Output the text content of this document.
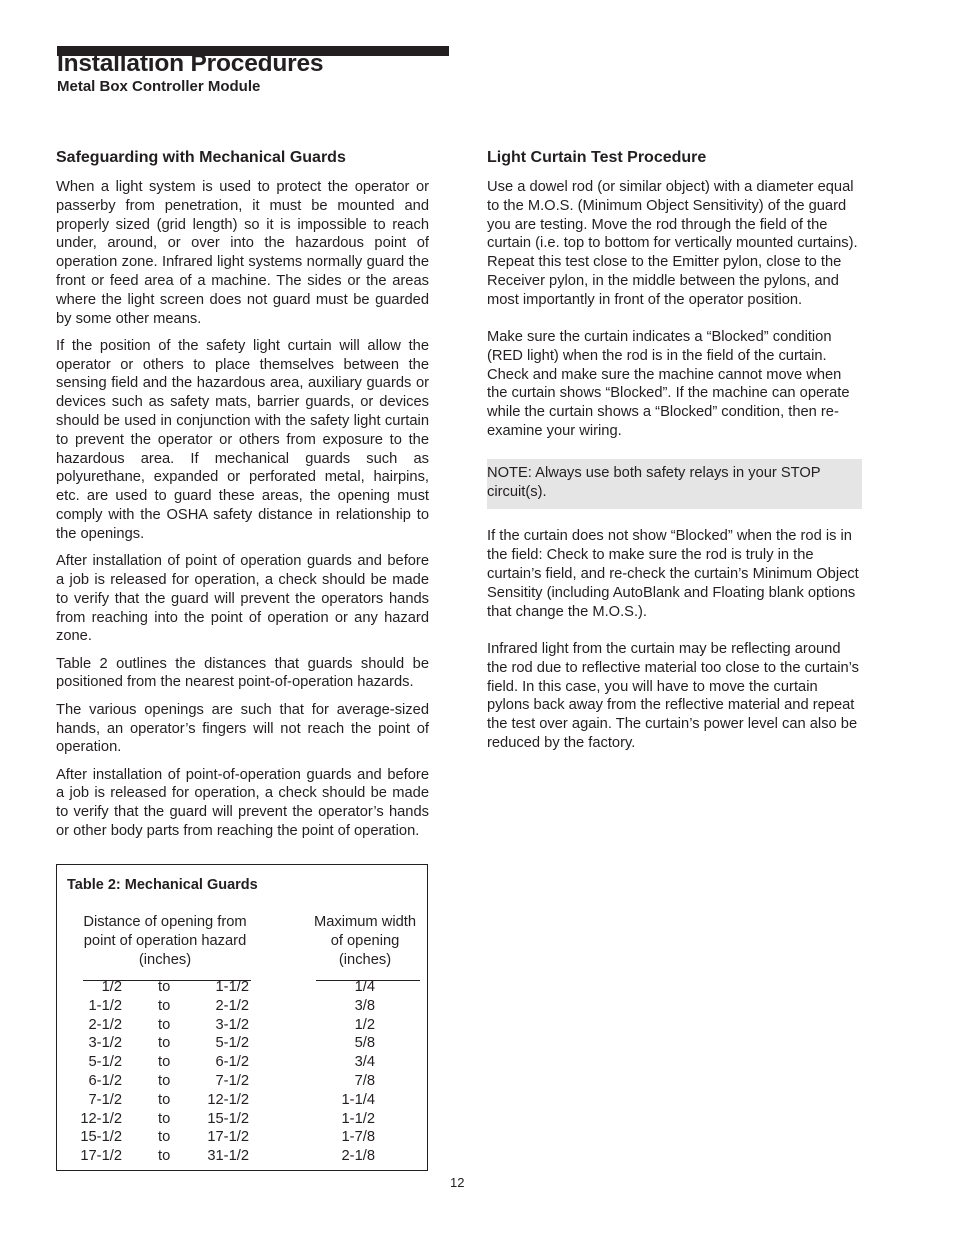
Installation Procedures
Metal Box Controller Module
Safeguarding with Mechanical Guards

When a light system is used to protect the operator or passerby from penetration, it must be mounted and properly sized (grid length) so it is impossible to reach under, around, or over into the hazardous point of operation zone. Infrared light systems normally guard the front or feed area of a machine. The sides or the areas where the light screen does not guard must be guarded by some other means.

If the position of the safety light curtain will allow the operator or others to place themselves between the sensing field and the hazardous area, auxiliary guards or devices such as safety mats, barrier guards, or devices should be used in conjunction with the safety light curtain to prevent the operator or others from exposure to the hazardous area. If mechanical guards such as polyurethane, expanded or perforated metal, hairpins, etc. are used to guard these areas, the opening must comply with the OSHA safety distance in relationship to the openings.

After installation of point of operation guards and before a job is released for operation, a check should be made to verify that the guard will prevent the operators hands from reaching into the point of operation or any hazard zone.

Table 2 outlines the distances that guards should be positioned from the nearest point-of-operation hazards.

The various openings are such that for average-sized hands, an operator’s fingers will not reach the point of operation.

After installation of point-of-operation guards and before a job is released for operation, a check should be made to verify that the guard will prevent the operator’s hands or other body parts from reaching the point of operation.

Light Curtain Test Procedure

Use a dowel rod (or similar object) with a diameter equal to the M.O.S. (Minimum Object Sensitivity) of the guard you are testing. Move the rod through the field of the curtain (i.e. top to bottom for vertically mounted curtains). Repeat this test close to the Emitter pylon, close to the Receiver pylon, in the middle between the pylons, and most importantly in front of the operator position.

Make sure the curtain indicates a “Blocked” condition (RED light) when the rod is in the field of the curtain. Check and make sure the machine cannot move when the curtain shows “Blocked”. If the machine can operate while the curtain shows a “Blocked” condition, then re-examine your wiring.

NOTE: Always use both safety relays in your STOP circuit(s).

If the curtain does not show “Blocked” when the rod is in the field: Check to make sure the rod is truly in the curtain’s field, and re-check the curtain’s Minimum Object Sensitity (including AutoBlank and Floating blank options that change the M.O.S.).

Infrared light from the curtain may be reflecting around the rod due to reflective material too close to the curtain’s field. In this case, you will have to move the curtain pylons back away from the reflective material and repeat the test over again. The curtain’s power level can also be reduced by the factory.

Table 2: Mechanical Guards
Distance of opening from point of operation hazard (inches)
Maximum width of opening (inches)
1/2 to	1-1/2	1/4
1-1/2 to	2-1/2	3/8
2-1/2 to	3-1/2	1/2
3-1/2 to	5-1/2	5/8
5-1/2 to	6-1/2	3/4
6-1/2 to	7-1/2	7/8
7-1/2 to	12-1/2	1-1/4
12-1/2 to	15-1/2	1-1/2
15-1/2 to	17-1/2	1-7/8
17-1/2 to	31-1/2	2-1/8
12
